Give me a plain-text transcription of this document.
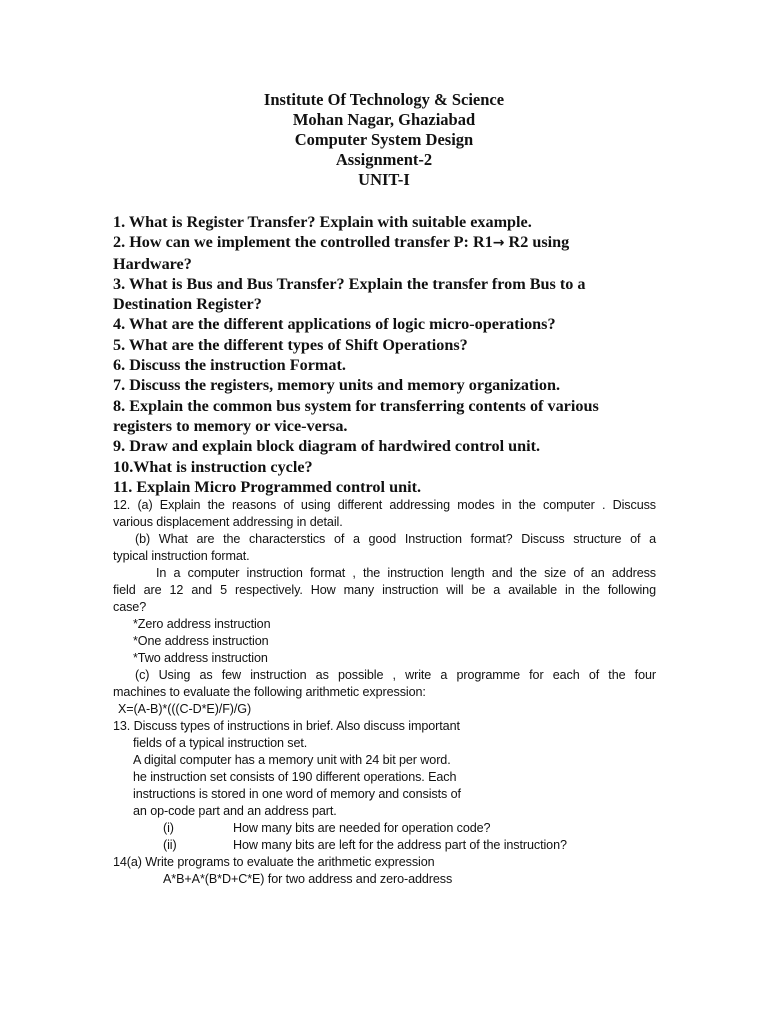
Institute Of Technology & Science
Mohan Nagar, Ghaziabad
Computer System Design
Assignment-2
UNIT-I

1. What is Register Transfer? Explain with suitable example.

2. How can we implement the controlled transfer P: R1→ R2 using

Hardware?

3. What is Bus and Bus Transfer? Explain the transfer from Bus to a

Destination Register?

4. What are the different applications of logic micro-operations?

5. What are the different types of Shift Operations?

6. Discuss the instruction Format.

7. Discuss the registers, memory units and memory organization.

8. Explain the common bus system for transferring contents of various

registers to memory or vice-versa.

9. Draw and explain block diagram of hardwired control unit.

10.What is instruction cycle?

11. Explain Micro Programmed control unit.

12. (a) Explain the reasons of using different addressing modes in the computer . Discuss
various displacement addressing in detail.
(b) What are the characterstics of a good Instruction format? Discuss structure of a
typical instruction format.
In a computer instruction format , the instruction length and the size of an address
field are 12 and 5 respectively. How many instruction will be a available in the following
case?
*Zero address instruction
*One address instruction
*Two address instruction
(c) Using as few instruction as possible , write a programme for each of the four
machines to evaluate the following arithmetic expression:
X=(A-B)*(((C-D*E)/F)/G)
13. Discuss types of instructions in brief. Also discuss important
fields of a typical instruction set.
A digital computer has a memory unit with 24 bit per word.
he instruction set consists of 190 different operations. Each
instructions is stored in one word of memory and consists of
an op-code part and an address part.
(i)	How many bits are needed for operation code?
(ii)	How many bits are left for the address part of the instruction?
14(a) Write programs to evaluate the arithmetic expression
A*B+A*(B*D+C*E) for two address and zero-address
